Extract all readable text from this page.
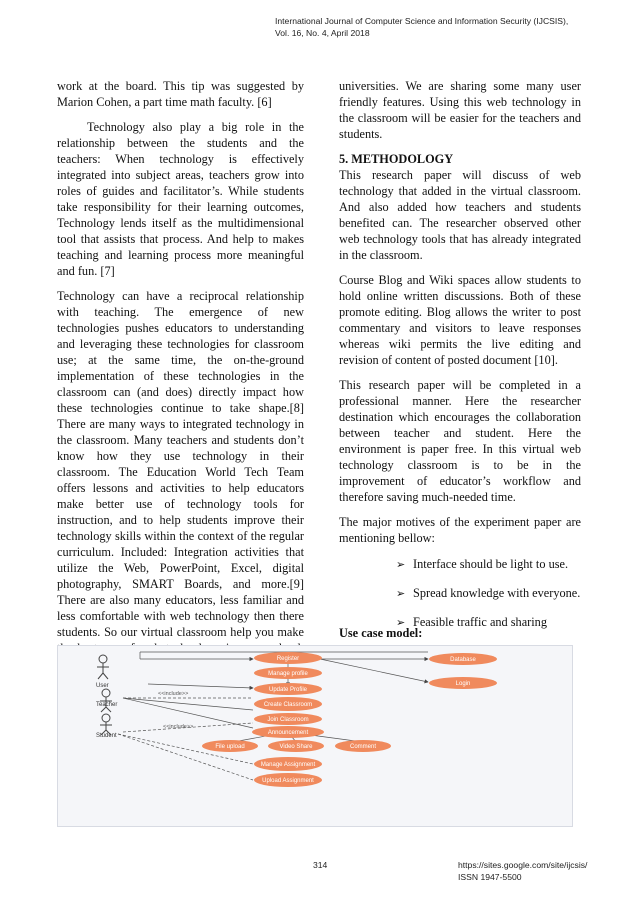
International Journal of Computer Science and Information Security (IJCSIS),
Vol. 16, No. 4, April 2018

work at the board. This tip was suggested by Marion Cohen, a part time math faculty. [6]

Technology also play a big role in the relationship between the students and the teachers: When technology is effectively integrated into subject areas, teachers grow into roles of guides and facilitator’s. While students take responsibility for their learning outcomes, Technology lends itself as the multidimensional tool that assists that process. And help to makes teaching and learning process more meaningful and fun. [7]

Technology can have a reciprocal relationship with teaching. The emergence of new technologies pushes educators to understanding and leveraging these technologies for classroom use; at the same time, the on-the-ground implementation of these technologies in the classroom can (and does) directly impact how these technologies continue to take shape.[8] There are many ways to integrated technology in the classroom. Many teachers and students don’t know how they use technology in their classroom. The Education World Tech Team offers lessons and activities to help educators make better use of technology tools for instruction, and to help students improve their technology skills within the context of the regular curriculum. Included: Integration activities that utilize the Web, PowerPoint, Excel, digital photography, SMART Boards, and more.[9] There are also many educators, less familiar and less comfortable with web technology then there students. So our virtual classroom help you make

universities. We are sharing some many user friendly features. Using this web technology in the classroom will be easier for the teachers and students.

5. METHODOLOGY

This research paper will discuss of web technology that added in the virtual classroom. And also added how teachers and students benefited can. The researcher observed other web technology tools that has already integrated in the classroom.

Course Blog and Wiki spaces allow students to hold online written discussions. Both of these promote editing. Blog allows the writer to post commentary and visitors to leave responses whereas wiki permits the live editing and revision of content of posted document [10].

This research paper will be completed in a professional manner. Here the researcher destination which encourages the collaboration between teacher and student. Here the environment is paper free. In this virtual web technology classroom is to be in the improvement of educator’s workflow and therefore saving much-needed time.

The major motives of the experiment paper are mentioning bellow:

➢ Interface should be light to use.
➢ Spread knowledge with everyone.
➢ Feasible traffic and sharing
Use case model:
User
Teacher
Student
<<include>>
<<include>>
Register
Manage profile
Update Profile
Create Classroom
Join Classroom
Announcement
File upload	Video Share	Comment
Manage Assignment
Upload Assignment
Database
Login
314	https://sites.google.com/site/ijcsis/
ISSN 1947-5500
